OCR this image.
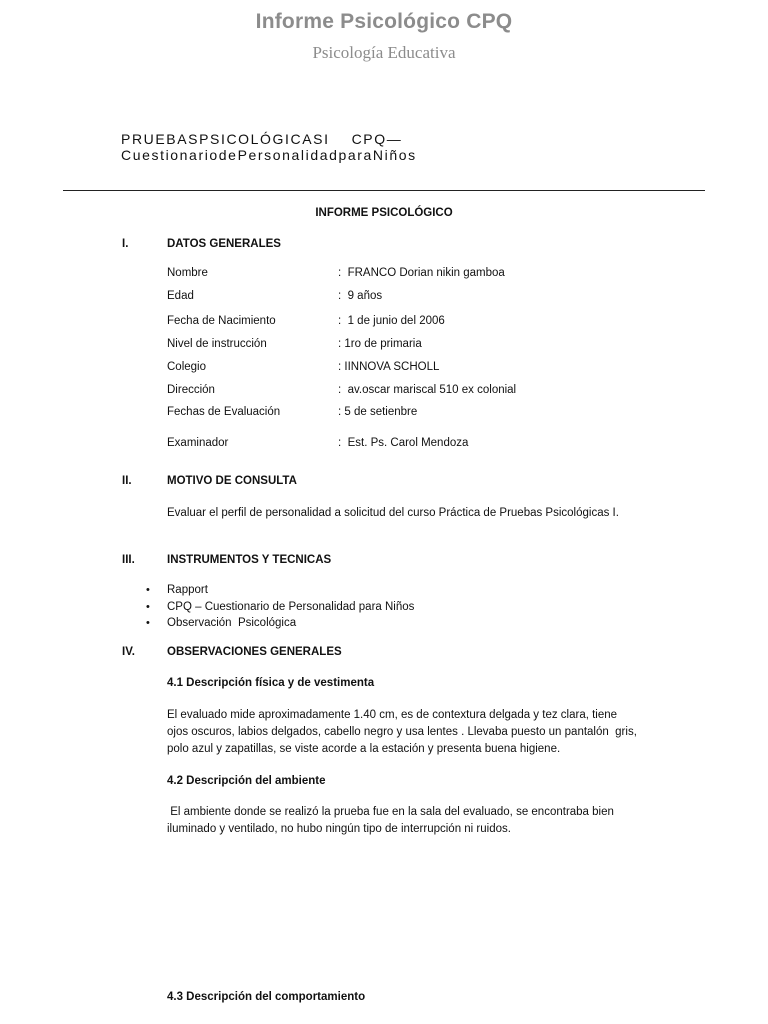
Informe Psicológico CPQ
Psicología Educativa
PRUEBASPSICOLÓGICASI    CPQ—
CuestionariodePersonalidadparaNiños
INFORME PSICOLÓGICO
I.	DATOS GENERALES
Nombre	:  FRANCO Dorian nikin gamboa
Edad	:  9 años
Fecha de Nacimiento	:  1 de junio del 2006
Nivel de instrucción	: 1ro de primaria
Colegio	: IINNOVA SCHOLL
Dirección	:  av.oscar mariscal 510 ex colonial
Fechas de Evaluación	: 5 de setienbre
Examinador	:  Est. Ps. Carol Mendoza
II.	MOTIVO DE CONSULTA
Evaluar el perfil de personalidad a solicitud del curso Práctica de Pruebas Psicológicas I.
III.	INSTRUMENTOS Y TECNICAS
• Rapport
• CPQ – Cuestionario de Personalidad para Niños
• Observación  Psicológica
IV.	OBSERVACIONES GENERALES
4.1 Descripción física y de vestimenta
El evaluado mide aproximadamente 1.40 cm, es de contextura delgada y tez clara, tiene
ojos oscuros, labios delgados, cabello negro y usa lentes . Llevaba puesto un pantalón  gris,
polo azul y zapatillas, se viste acorde a la estación y presenta buena higiene.
4.2 Descripción del ambiente
El ambiente donde se realizó la prueba fue en la sala del evaluado, se encontraba bien
iluminado y ventilado, no hubo ningún tipo de interrupción ni ruidos.
4.3 Descripción del comportamiento
